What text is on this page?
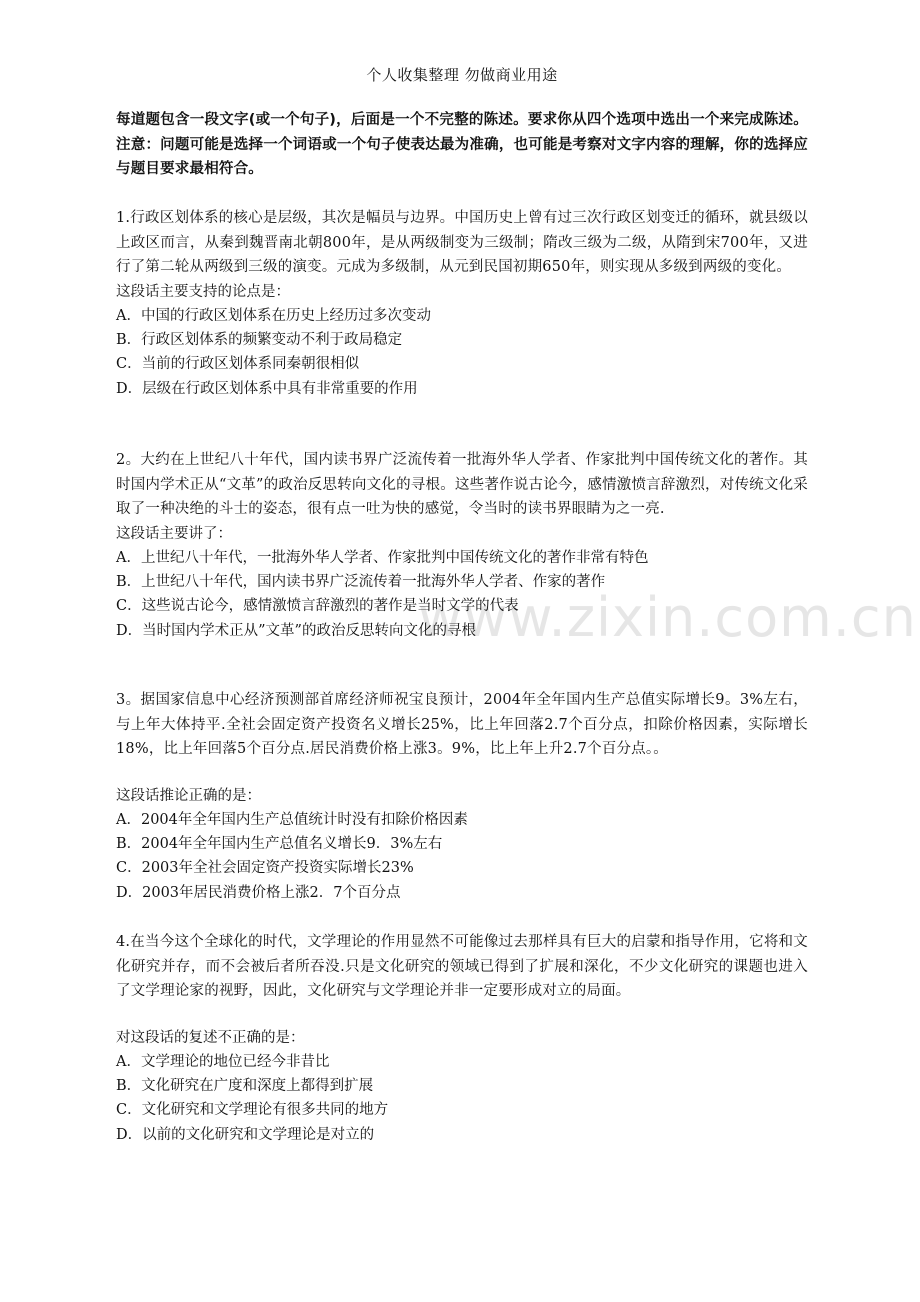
www.zixin.com.cn
个人收集整理 勿做商业用途
每道题包含一段文字(或一个句子)，后面是一个不完整的陈述。要求你从四个选项中选出一个来完成陈述。注意：问题可能是选择一个词语或一个句子使表达最为准确，也可能是考察对文字内容的理解，你的选择应与题目要求最相符合。

1.行政区划体系的核心是层级，其次是幅员与边界。中国历史上曾有过三次行政区划变迁的循环，就县级以上政区而言，从秦到魏晋南北朝800年，是从两级制变为三级制；隋改三级为二级，从隋到宋700年，又进行了第二轮从两级到三级的演变。元成为多级制，从元到民国初期650年，则实现从多级到两级的变化。

这段话主要支持的论点是：

A．中国的行政区划体系在历史上经历过多次变动
B．行政区划体系的频繁变动不利于政局稳定
C．当前的行政区划体系同秦朝很相似
D．层级在行政区划体系中具有非常重要的作用

2。大约在上世纪八十年代，国内读书界广泛流传着一批海外华人学者、作家批判中国传统文化的著作。其时国内学术正从“文革”的政治反思转向文化的寻根。这些著作说古论今，感情激愤言辞激烈，对传统文化采取了一种决绝的斗士的姿态，很有点一吐为快的感觉，令当时的读书界眼睛为之一亮.

这段话主要讲了：

A．上世纪八十年代，一批海外华人学者、作家批判中国传统文化的著作非常有特色
B．上世纪八十年代，国内读书界广泛流传着一批海外华人学者、作家的著作
C．这些说古论今，感情激愤言辞激烈的著作是当时文学的代表
D．当时国内学术正从”文革”的政治反思转向文化的寻根

3。据国家信息中心经济预测部首席经济师祝宝良预计，2004年全年国内生产总值实际增长9。3%左右，与上年大体持平.全社会固定资产投资名义增长25%，比上年回落2.7个百分点，扣除价格因素，实际增长18%，比上年回落5个百分点.居民消费价格上涨3。9%，比上年上升2.7个百分点。。

这段话推论正确的是：

A．2004年全年国内生产总值统计时没有扣除价格因素
B．2004年全年国内生产总值名义增长9．3%左右
C．2003年全社会固定资产投资实际增长23%
D．2003年居民消费价格上涨2．7个百分点

4.在当今这个全球化的时代，文学理论的作用显然不可能像过去那样具有巨大的启蒙和指导作用，它将和文化研究并存，而不会被后者所吞没.只是文化研究的领域已得到了扩展和深化，不少文化研究的课题也进入了文学理论家的视野，因此，文化研究与文学理论并非一定要形成对立的局面。

对这段话的复述不正确的是：

A．文学理论的地位已经今非昔比
B．文化研究在广度和深度上都得到扩展
C．文化研究和文学理论有很多共同的地方
D．以前的文化研究和文学理论是对立的
